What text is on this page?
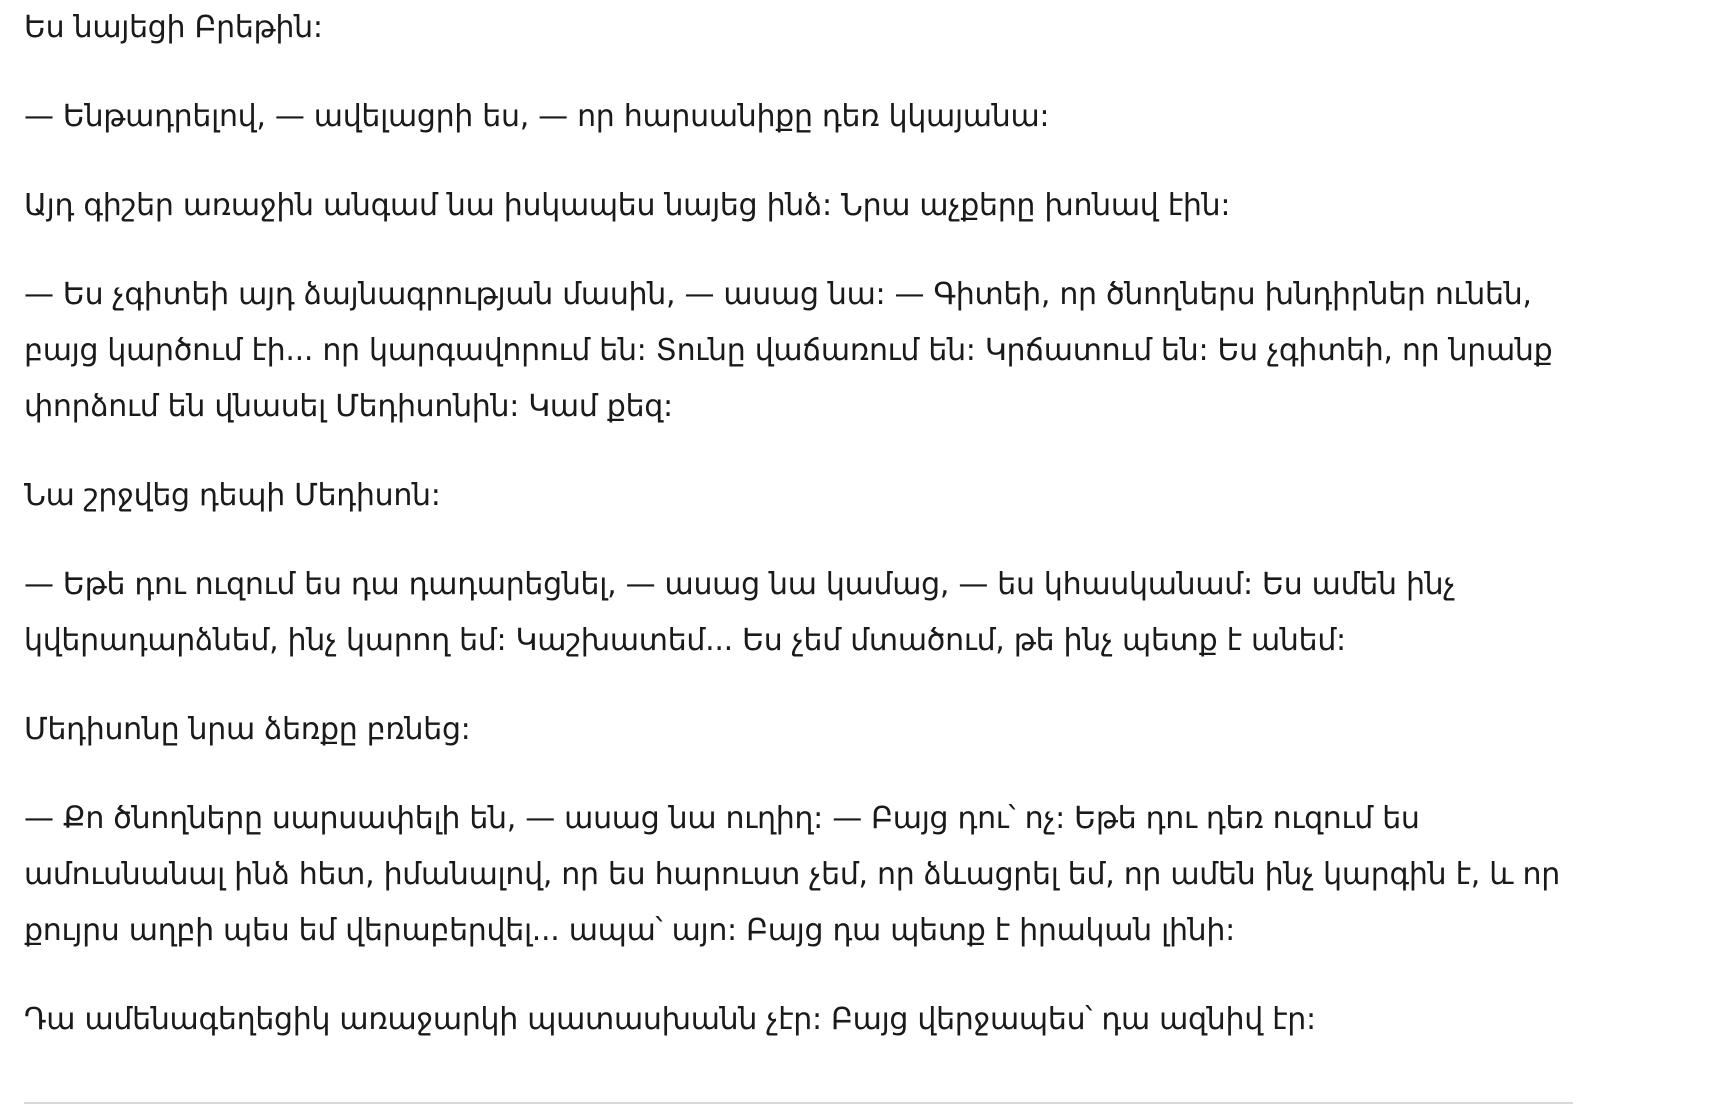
Ես նայեցի Բրեթին:

— Ենթադրելով, — ավելացրի ես, — որ հարսանիքը դեռ կկայանա:

Այդ գիշեր առաջին անգամ նա իսկապես նայեց ինձ: Նրա աչքերը խոնավ էին:

— Ես չգիտեի այդ ձայնագրության մասին, — ասաց նա: — Գիտեի, որ ծնողներս խնդիրներ ունեն, բայց կարծում էի... որ կարգավորում են: Տունը վաճառում են: Կրճատում են: Ես չգիտեի, որ նրանք փորձում են վնասել Մեդիսոնին: Կամ քեզ:

Նա շրջվեց դեպի Մեդիսոն:

— Եթե դու ուզում ես դա դադարեցնել, — ասաց նա կամաց, — ես կհասկանամ: Ես ամեն ինչ կվերադարձնեմ, ինչ կարող եմ: Կաշխատեմ... Ես չեմ մտածում, թե ինչ պետք է անեմ:

Մեդիսոնը նրա ձեռքը բռնեց:

— Քո ծնողները սարսափելի են, — ասաց նա ուղիղ: — Բայց դու՝ ոչ: Եթե դու դեռ ուզում ես ամուսնանալ ինձ հետ, իմանալով, որ ես հարուստ չեմ, որ ձևացրել եմ, որ ամեն ինչ կարգին է, և որ քույրս աղբի պես եմ վերաբերվել... ապա՝ այո: Բայց դա պետք է իրական լինի:

Դա ամենագեղեցիկ առաջարկի պատասխանն չէր: Բայց վերջապես՝ դա ազնիվ էր:
